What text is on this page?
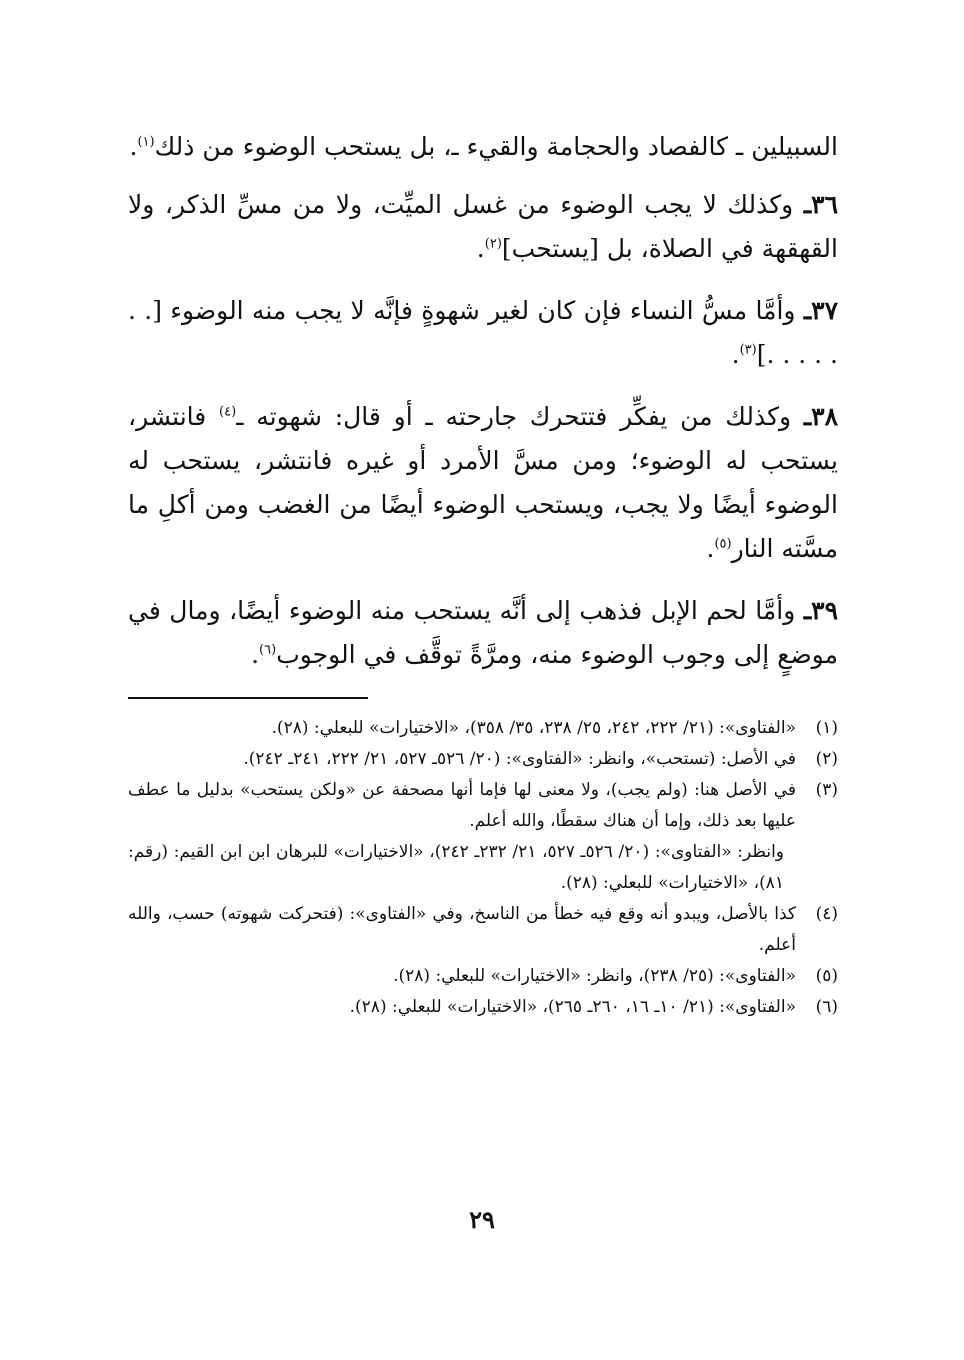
السبيلين ـ كالفصاد والحجامة والقيء ـ، بل يستحب الوضوء من ذلك$^{(١)}$.

٣٦ـ وكذلك لا يجب الوضوء من غسل الميِّت، ولا من مسِّ الذكر، ولا القهقهة في الصلاة، بل [يستحب]$^{(٢)}$.

٣٧ـ وأمَّا مسُّ النساء فإن كان لغير شهوةٍ فإنَّه لا يجب منه الوضوء [. . . . . . .]$^{(٣)}$.

٣٨ـ وكذلك من يفكِّر فتتحرك جارحته ـ أو قال: شهوته ـ$^{(٤)}$ فانتشر، يستحب له الوضوء؛ ومن مسَّ الأمرد أو غيره فانتشر، يستحب له الوضوء أيضًا ولا يجب، ويستحب الوضوء أيضًا من الغضب ومن أكلِ ما مسَّته النار$^{(٥)}$.

٣٩ـ وأمَّا لحم الإبل فذهب إلى أنَّه يستحب منه الوضوء أيضًا، ومال في موضعٍ إلى وجوب الوضوء منه، ومرَّةً توقَّف في الوجوب$^{(٦)}$.

(١)
«الفتاوى»: (٢١/ ٢٢٢، ٢٤٢، ٢٥/ ٢٣٨، ٣٥/ ٣٥٨)، «الاختيارات» للبعلي: (٢٨).
(٢)
في الأصل: (تستحب»، وانظر: «الفتاوى»: (٢٠/ ٥٢٦ـ ٥٢٧، ٢١/ ٢٢٢، ٢٤١ـ ٢٤٢).
(٣)
في الأصل هنا: (ولم يجب)، ولا معنى لها فإما أنها مصحفة عن «ولكن يستحب» بدليل ما عطف عليها بعد ذلك، وإما أن هناك سقطًا، والله أعلم.
وانظر: «الفتاوى»: (٢٠/ ٥٢٦ـ ٥٢٧، ٢١/ ٢٣٢ـ ٢٤٢)، «الاختيارات» للبرهان ابن ابن القيم: (رقم: ٨١)، «الاختيارات» للبعلي: (٢٨).
(٤)
كذا بالأصل، ويبدو أنه وقع فيه خطأ من الناسخ، وفي «الفتاوى»: (فتحركت شهوته) حسب، والله أعلم.
(٥)
«الفتاوى»: (٢٥/ ٢٣٨)، وانظر: «الاختيارات» للبعلي: (٢٨).
(٦)
«الفتاوى»: (٢١/ ١٠ـ ١٦، ٢٦٠ـ ٢٦٥)، «الاختيارات» للبعلي: (٢٨).
٢٩
